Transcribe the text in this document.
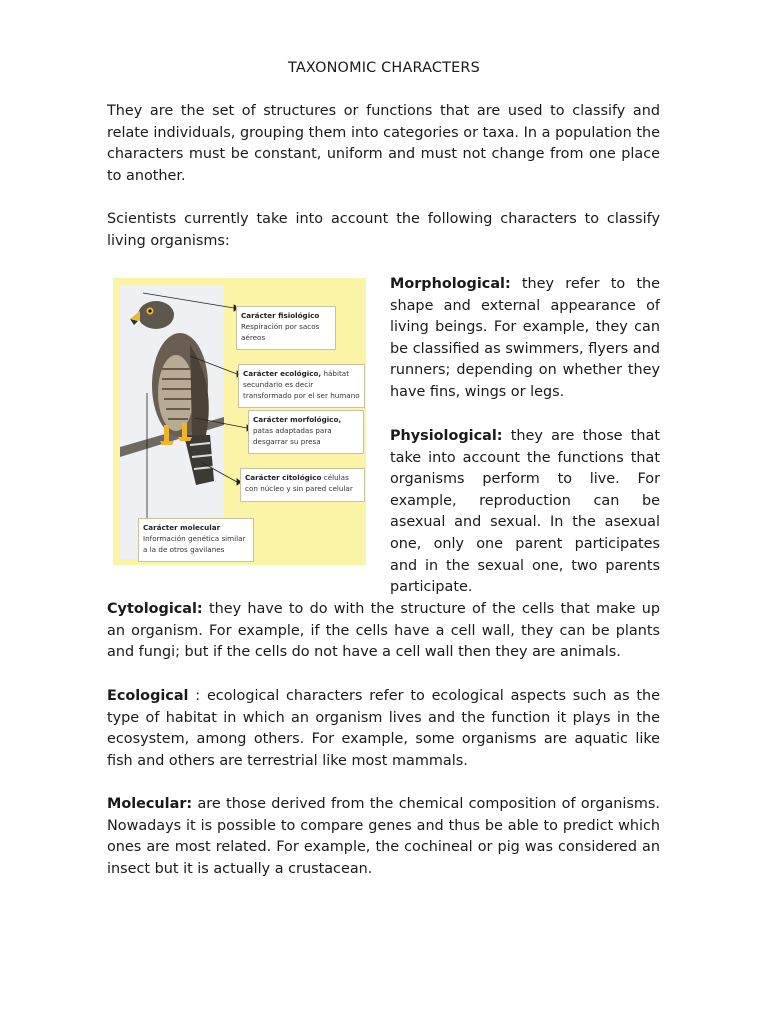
TAXONOMIC CHARACTERS

They are the set of structures or functions that are used to classify and relate individuals, grouping them into categories or taxa. In a population the characters must be constant, uniform and must not change from one place to another.

Scientists currently take into account the following characters to classify living organisms:

Carácter fisiológico
Respiración por sacos aéreos
Carácter ecológico, hábitat secundario es decir transformado por el ser humano
Carácter morfológico, patas adaptadas para desgarrar su presa
Carácter citológico células con núcleo y sin pared celular
Carácter molecular
Información genética similar a la de otros gavilanes

Morphological: they refer to the shape and external appearance of living beings. For example, they can be classified as swimmers, flyers and runners; depending on whether they have fins, wings or legs.

Physiological: they are those that take into account the functions that organisms perform to live. For example, reproduction can be asexual and sexual. In the asexual one, only one parent participates and in the sexual one, two parents participate.

Cytological: they have to do with the structure of the cells that make up an organism. For example, if the cells have a cell wall, they can be plants and fungi; but if the cells do not have a cell wall then they are animals.

Ecological : ecological characters refer to ecological aspects such as the type of habitat in which an organism lives and the function it plays in the ecosystem, among others. For example, some organisms are aquatic like fish and others are terrestrial like most mammals.

Molecular: are those derived from the chemical composition of organisms. Nowadays it is possible to compare genes and thus be able to predict which ones are most related. For example, the cochineal or pig was considered an insect but it is actually a crustacean.
